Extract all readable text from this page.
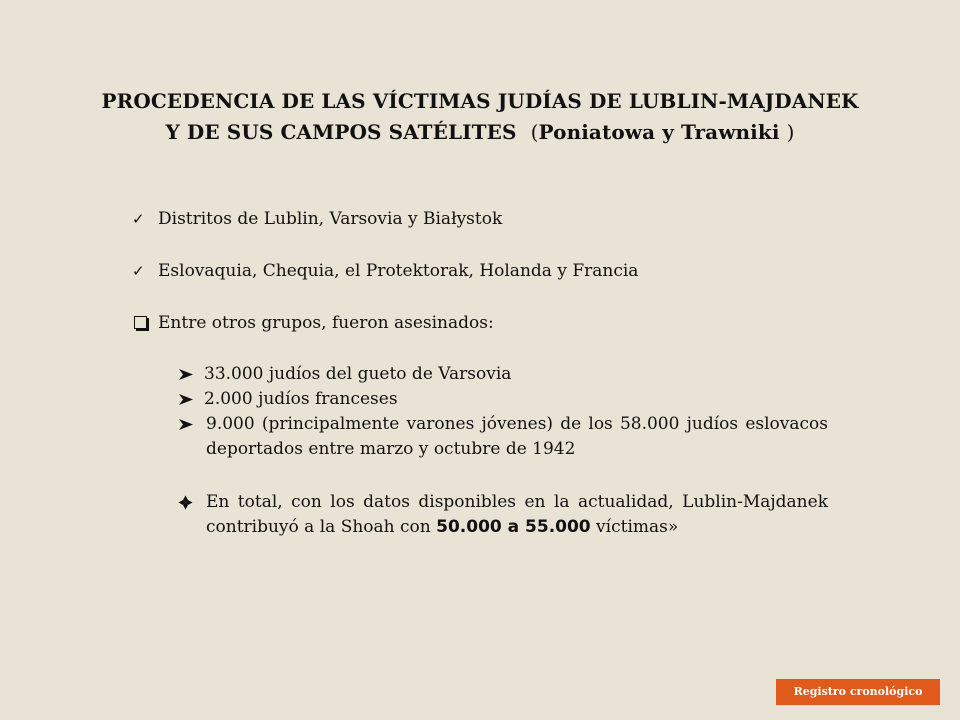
PROCEDENCIA DE LAS VÍCTIMAS JUDÍAS DE LUBLIN-MAJDANEK
Y DE SUS CAMPOS SATÉLITES (Poniatowa y Trawniki )
✓ Distritos de Lublin, Varsovia y Białystok
✓ Eslovaquia, Chequia, el Protektorak, Holanda y Francia
Entre otros grupos, fueron asesinados:
33.000 judíos del gueto de Varsovia
2.000 judíos franceses
9.000 (principalmente varones jóvenes) de los 58.000 judíos eslovacos deportados entre marzo y octubre de 1942
En total, con los datos disponibles en la actualidad, Lublin-Majdanek contribuyó a la Shoah con 50.000 a 55.000 víctimas»
Registro cronológico
